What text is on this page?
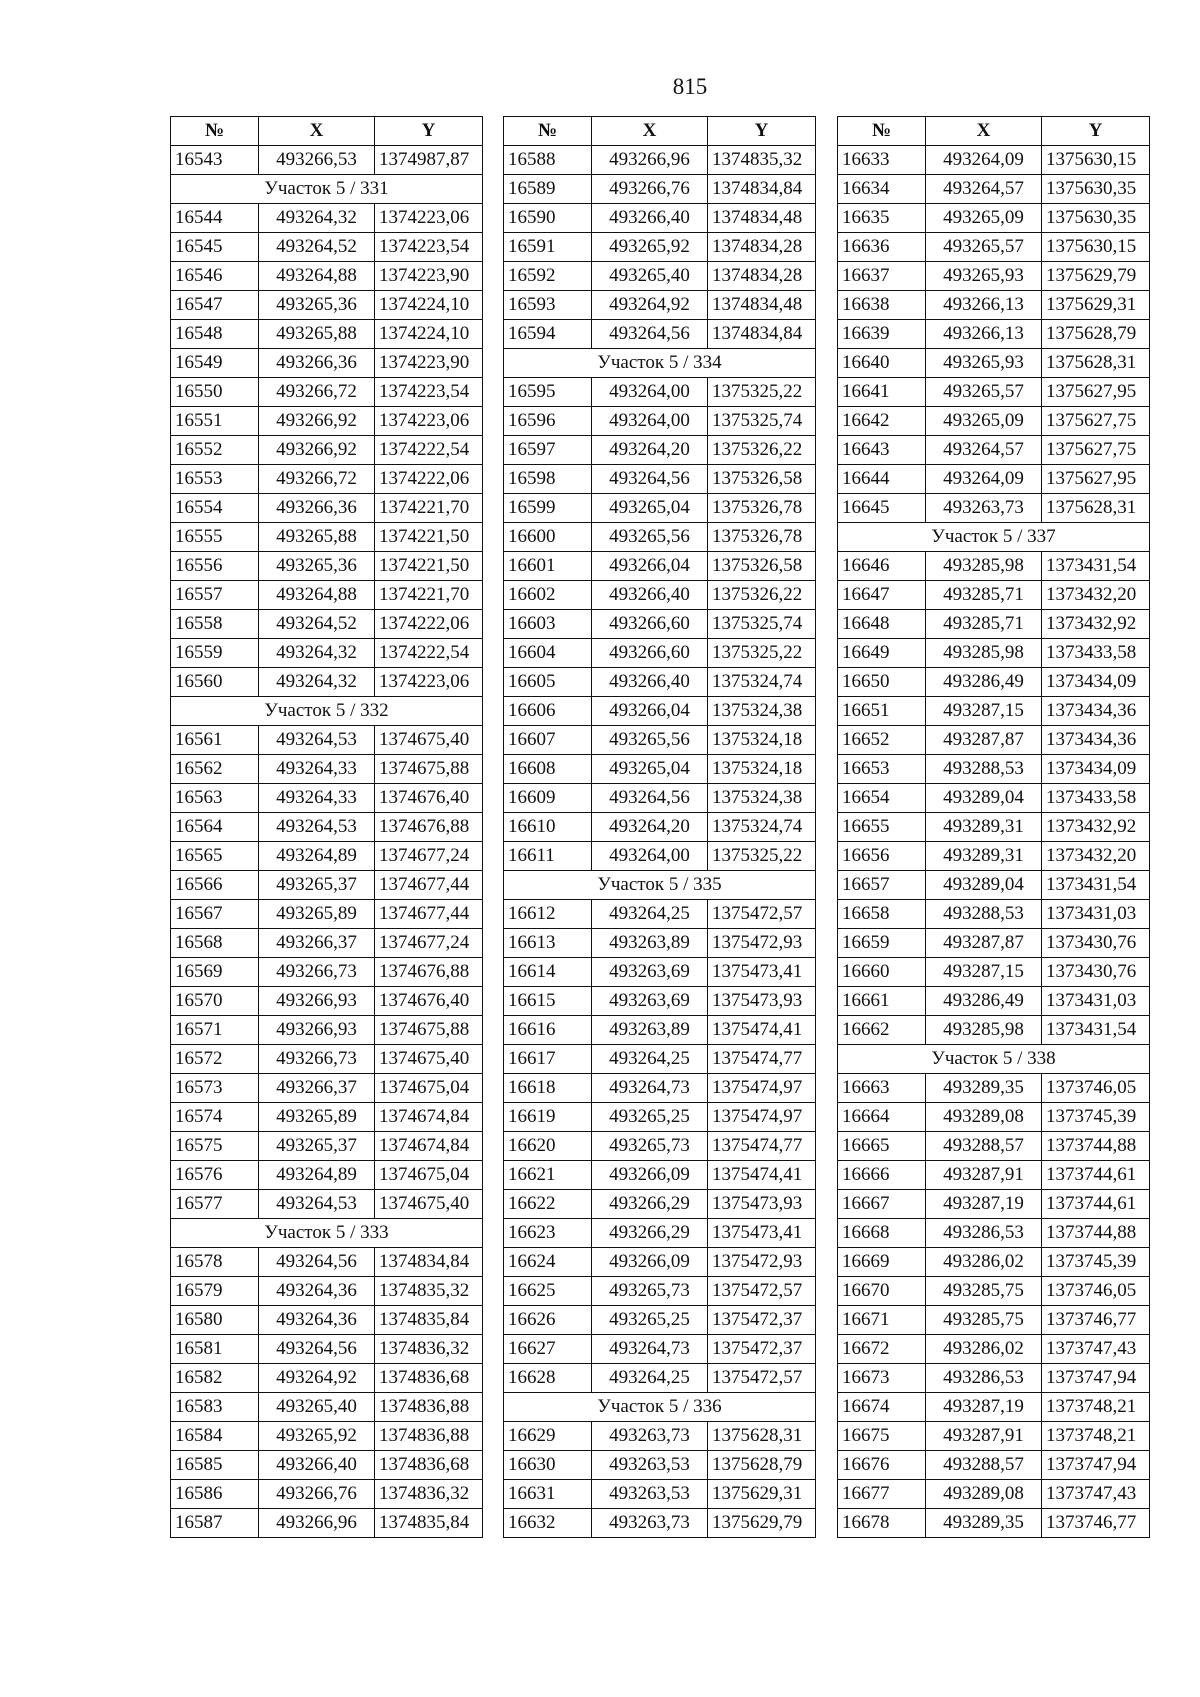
815
№	X	Y
16543	493266,53	1374987,87
Участок 5 / 331		
16544	493264,32	1374223,06
16545	493264,52	1374223,54
16546	493264,88	1374223,90
16547	493265,36	1374224,10
16548	493265,88	1374224,10
16549	493266,36	1374223,90
16550	493266,72	1374223,54
16551	493266,92	1374223,06
16552	493266,92	1374222,54
16553	493266,72	1374222,06
16554	493266,36	1374221,70
16555	493265,88	1374221,50
16556	493265,36	1374221,50
16557	493264,88	1374221,70
16558	493264,52	1374222,06
16559	493264,32	1374222,54
16560	493264,32	1374223,06
Участок 5 / 332		
16561	493264,53	1374675,40
16562	493264,33	1374675,88
16563	493264,33	1374676,40
16564	493264,53	1374676,88
16565	493264,89	1374677,24
16566	493265,37	1374677,44
16567	493265,89	1374677,44
16568	493266,37	1374677,24
16569	493266,73	1374676,88
16570	493266,93	1374676,40
16571	493266,93	1374675,88
16572	493266,73	1374675,40
16573	493266,37	1374675,04
16574	493265,89	1374674,84
16575	493265,37	1374674,84
16576	493264,89	1374675,04
16577	493264,53	1374675,40
Участок 5 / 333		
16578	493264,56	1374834,84
16579	493264,36	1374835,32
16580	493264,36	1374835,84
16581	493264,56	1374836,32
16582	493264,92	1374836,68
16583	493265,40	1374836,88
16584	493265,92	1374836,88
16585	493266,40	1374836,68
16586	493266,76	1374836,32
16587	493266,96	1374835,84
№	X	Y
16588	493266,96	1374835,32
16589	493266,76	1374834,84
16590	493266,40	1374834,48
16591	493265,92	1374834,28
16592	493265,40	1374834,28
16593	493264,92	1374834,48
16594	493264,56	1374834,84
Участок 5 / 334		
16595	493264,00	1375325,22
16596	493264,00	1375325,74
16597	493264,20	1375326,22
16598	493264,56	1375326,58
16599	493265,04	1375326,78
16600	493265,56	1375326,78
16601	493266,04	1375326,58
16602	493266,40	1375326,22
16603	493266,60	1375325,74
16604	493266,60	1375325,22
16605	493266,40	1375324,74
16606	493266,04	1375324,38
16607	493265,56	1375324,18
16608	493265,04	1375324,18
16609	493264,56	1375324,38
16610	493264,20	1375324,74
16611	493264,00	1375325,22
Участок 5 / 335		
16612	493264,25	1375472,57
16613	493263,89	1375472,93
16614	493263,69	1375473,41
16615	493263,69	1375473,93
16616	493263,89	1375474,41
16617	493264,25	1375474,77
16618	493264,73	1375474,97
16619	493265,25	1375474,97
16620	493265,73	1375474,77
16621	493266,09	1375474,41
16622	493266,29	1375473,93
16623	493266,29	1375473,41
16624	493266,09	1375472,93
16625	493265,73	1375472,57
16626	493265,25	1375472,37
16627	493264,73	1375472,37
16628	493264,25	1375472,57
Участок 5 / 336		
16629	493263,73	1375628,31
16630	493263,53	1375628,79
16631	493263,53	1375629,31
16632	493263,73	1375629,79
№	X	Y
16633	493264,09	1375630,15
16634	493264,57	1375630,35
16635	493265,09	1375630,35
16636	493265,57	1375630,15
16637	493265,93	1375629,79
16638	493266,13	1375629,31
16639	493266,13	1375628,79
16640	493265,93	1375628,31
16641	493265,57	1375627,95
16642	493265,09	1375627,75
16643	493264,57	1375627,75
16644	493264,09	1375627,95
16645	493263,73	1375628,31
Участок 5 / 337		
16646	493285,98	1373431,54
16647	493285,71	1373432,20
16648	493285,71	1373432,92
16649	493285,98	1373433,58
16650	493286,49	1373434,09
16651	493287,15	1373434,36
16652	493287,87	1373434,36
16653	493288,53	1373434,09
16654	493289,04	1373433,58
16655	493289,31	1373432,92
16656	493289,31	1373432,20
16657	493289,04	1373431,54
16658	493288,53	1373431,03
16659	493287,87	1373430,76
16660	493287,15	1373430,76
16661	493286,49	1373431,03
16662	493285,98	1373431,54
Участок 5 / 338		
16663	493289,35	1373746,05
16664	493289,08	1373745,39
16665	493288,57	1373744,88
16666	493287,91	1373744,61
16667	493287,19	1373744,61
16668	493286,53	1373744,88
16669	493286,02	1373745,39
16670	493285,75	1373746,05
16671	493285,75	1373746,77
16672	493286,02	1373747,43
16673	493286,53	1373747,94
16674	493287,19	1373748,21
16675	493287,91	1373748,21
16676	493288,57	1373747,94
16677	493289,08	1373747,43
16678	493289,35	1373746,77
